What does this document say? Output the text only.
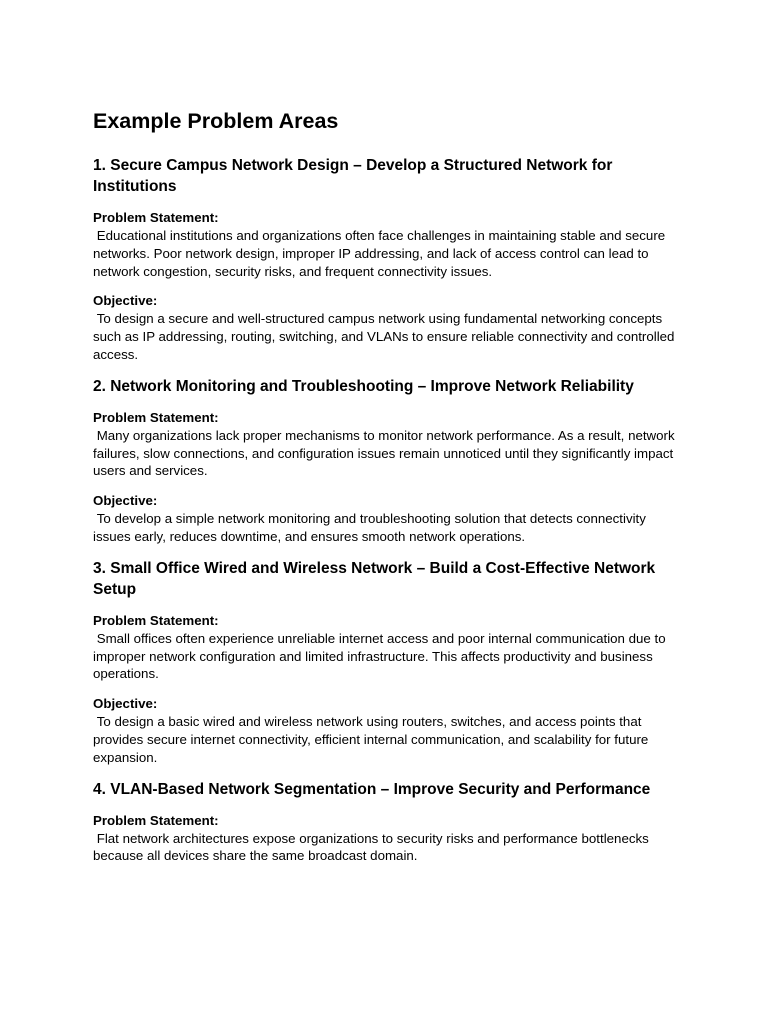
Example Problem Areas
1. Secure Campus Network Design – Develop a Structured Network for Institutions
Problem Statement:
Educational institutions and organizations often face challenges in maintaining stable and secure networks. Poor network design, improper IP addressing, and lack of access control can lead to network congestion, security risks, and frequent connectivity issues.
Objective:
To design a secure and well-structured campus network using fundamental networking concepts such as IP addressing, routing, switching, and VLANs to ensure reliable connectivity and controlled access.
2. Network Monitoring and Troubleshooting – Improve Network Reliability
Problem Statement:
Many organizations lack proper mechanisms to monitor network performance. As a result, network failures, slow connections, and configuration issues remain unnoticed until they significantly impact users and services.
Objective:
To develop a simple network monitoring and troubleshooting solution that detects connectivity issues early, reduces downtime, and ensures smooth network operations.
3. Small Office Wired and Wireless Network – Build a Cost-Effective Network Setup
Problem Statement:
Small offices often experience unreliable internet access and poor internal communication due to improper network configuration and limited infrastructure. This affects productivity and business operations.
Objective:
To design a basic wired and wireless network using routers, switches, and access points that provides secure internet connectivity, efficient internal communication, and scalability for future expansion.
4. VLAN-Based Network Segmentation – Improve Security and Performance
Problem Statement:
Flat network architectures expose organizations to security risks and performance bottlenecks because all devices share the same broadcast domain.
